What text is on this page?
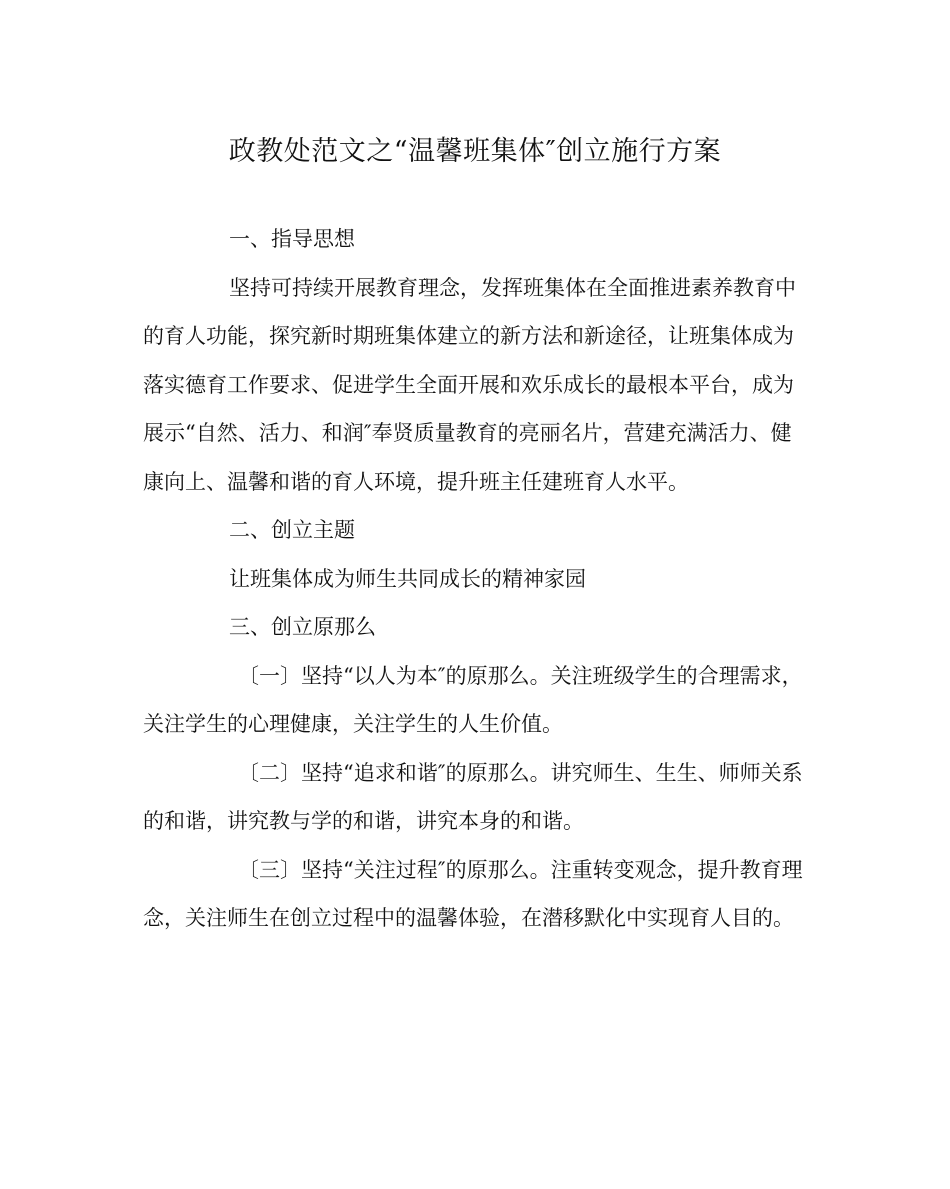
政教处范文之“温馨班集体″创立施行方案

一、指导思想

坚持可持续开展教育理念，发挥班集体在全面推进素养教育中的育人功能，探究新时期班集体建立的新方法和新途径，让班集体成为落实德育工作要求、促进学生全面开展和欢乐成长的最根本平台，成为展示“自然、活力、和润″奉贤质量教育的亮丽名片，营建充满活力、健康向上、温馨和谐的育人环境，提升班主任建班育人水平。

二、创立主题

让班集体成为师生共同成长的精神家园

三、创立原那么

〔一〕坚持“以人为本″的原那么。关注班级学生的合理需求，关注学生的心理健康，关注学生的人生价值。

〔二〕坚持“追求和谐″的原那么。讲究师生、生生、师师关系的和谐，讲究教与学的和谐，讲究本身的和谐。

〔三〕坚持“关注过程″的原那么。注重转变观念，提升教育理念，关注师生在创立过程中的温馨体验，在潜移默化中实现育人目的。
